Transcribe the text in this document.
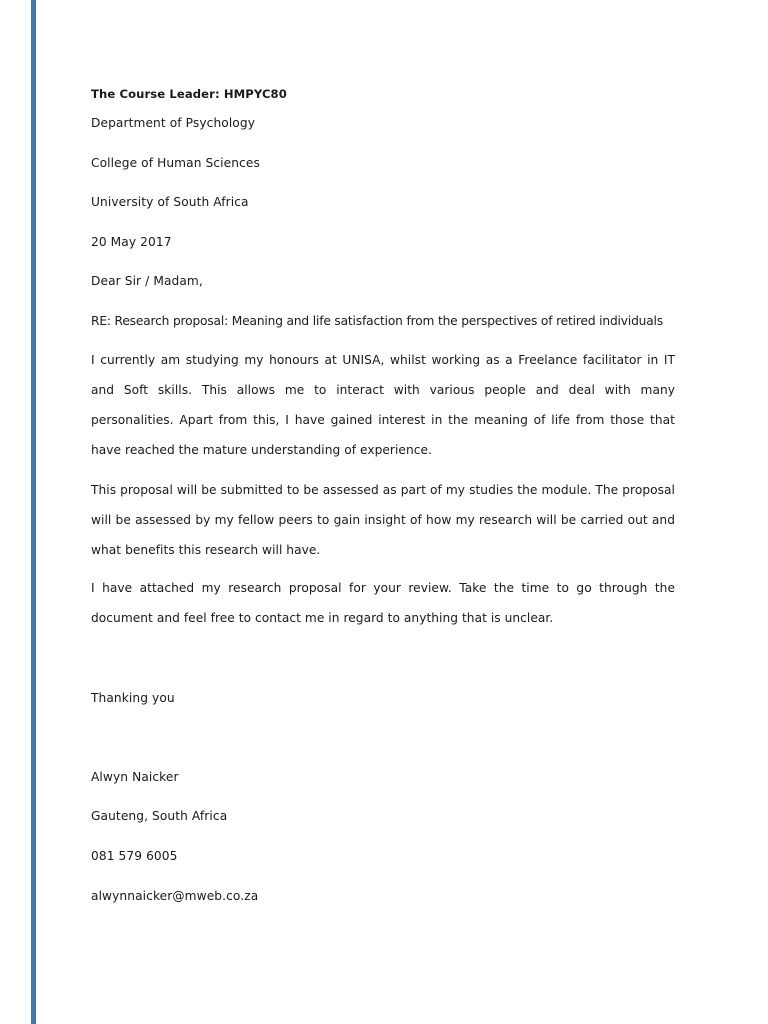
The Course Leader: HMPYC80
Department of Psychology
College of Human Sciences
University of South Africa
20 May 2017
Dear Sir / Madam,
RE: Research proposal: Meaning and life satisfaction from the perspectives of retired individuals
I currently am studying my honours at UNISA, whilst working as a Freelance facilitator in IT and Soft skills. This allows me to interact with various people and deal with many personalities. Apart from this, I have gained interest in the meaning of life from those that have reached the mature understanding of experience.
This proposal will be submitted to be assessed as part of my studies the module. The proposal will be assessed by my fellow peers to gain insight of how my research will be carried out and what benefits this research will have.
I have attached my research proposal for your review. Take the time to go through the document and feel free to contact me in regard to anything that is unclear.
Thanking you
Alwyn Naicker
Gauteng, South Africa
081 579 6005
alwynnaicker@mweb.co.za
